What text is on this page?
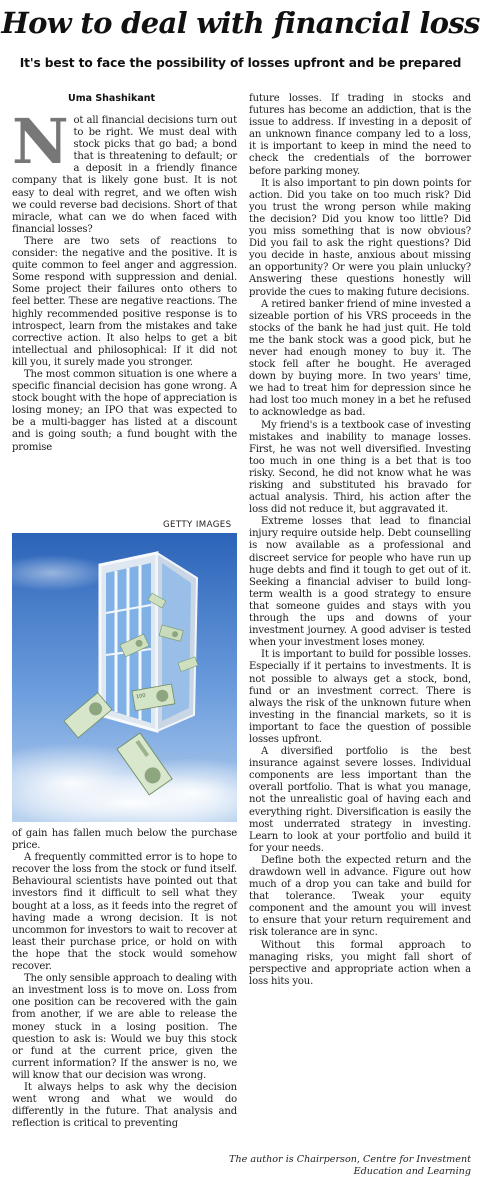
How to deal with financial loss
It's best to face the possibility of losses upfront and be prepared
Uma Shashikant
N ot all financial decisions turn out to be right. We must deal with stock picks that go bad; a bond that is threatening to default; or a deposit in a friendly finance company that is likely gone bust. It is not easy to deal with regret, and we often wish we could reverse bad decisions. Short of that miracle, what can we do when faced with financial losses?

There are two sets of reactions to consider: the negative and the positive. It is quite common to feel anger and aggression. Some respond with suppression and denial. Some project their failures onto others to feel better. These are negative reactions. The highly recommended positive response is to introspect, learn from the mistakes and take corrective action. It also helps to get a bit intellectual and philosophical: If it did not kill you, it surely made you stronger.

The most common situation is one where a specific financial decision has gone wrong. A stock bought with the hope of appreciation is losing money; an IPO that was expected to be a multi-bagger has listed at a discount and is going south; a fund bought with the promise

GETTY IMAGES
100

of gain has fallen much below the purchase price.

A frequently committed error is to hope to recover the loss from the stock or fund itself. Behavioural scientists have pointed out that investors find it difficult to sell what they bought at a loss, as it feeds into the regret of having made a wrong decision. It is not uncommon for investors to wait to recover at least their purchase price, or hold on with the hope that the stock would somehow recover.

The only sensible approach to dealing with an investment loss is to move on. Loss from one position can be recovered with the gain from another, if we are able to release the money stuck in a losing position. The question to ask is: Would we buy this stock or fund at the current price, given the current information? If the answer is no, we will know that our decision was wrong.

It always helps to ask why the decision went wrong and what we would do differently in the future. That analysis and reflection is critical to preventing

future losses. If trading in stocks and futures has become an addiction, that is the issue to address. If investing in a deposit of an unknown finance company led to a loss, it is important to keep in mind the need to check the credentials of the borrower before parking money.

It is also important to pin down points for action. Did you take on too much risk? Did you trust the wrong person while making the decision? Did you know too little? Did you miss something that is now obvious? Did you fail to ask the right questions? Did you decide in haste, anxious about missing an opportunity? Or were you plain unlucky? Answering these questions honestly will provide the cues to making future decisions.

A retired banker friend of mine invested a sizeable portion of his VRS proceeds in the stocks of the bank he had just quit. He told me the bank stock was a good pick, but he never had enough money to buy it. The stock fell after he bought. He averaged down by buying more. In two years' time, we had to treat him for depression since he had lost too much money in a bet he refused to acknowledge as bad.

My friend's is a textbook case of investing mistakes and inability to manage losses. First, he was not well diversified. Investing too much in one thing is a bet that is too risky. Second, he did not know what he was risking and substituted his bravado for actual analysis. Third, his action after the loss did not reduce it, but aggravated it.

Extreme losses that lead to financial injury require outside help. Debt counselling is now available as a professional and discreet service for people who have run up huge debts and find it tough to get out of it. Seeking a financial adviser to build long-term wealth is a good strategy to ensure that someone guides and stays with you through the ups and downs of your investment journey. A good adviser is tested when your investment loses money.

It is important to build for possible losses. Especially if it pertains to investments. It is not possible to always get a stock, bond, fund or an investment correct. There is always the risk of the unknown future when investing in the financial markets, so it is important to face the question of possible losses upfront.

A diversified portfolio is the best insurance against severe losses. Individual components are less important than the overall portfolio. That is what you manage, not the unrealistic goal of having each and everything right. Diversification is easily the most underrated strategy in investing. Learn to look at your portfolio and build it for your needs.

Define both the expected return and the drawdown well in advance. Figure out how much of a drop you can take and build for that tolerance. Tweak your equity component and the amount you will invest to ensure that your return requirement and risk tolerance are in sync.

Without this formal approach to managing risks, you might fall short of perspective and appropriate action when a loss hits you.

The author is Chairperson, Centre for Investment Education and Learning
